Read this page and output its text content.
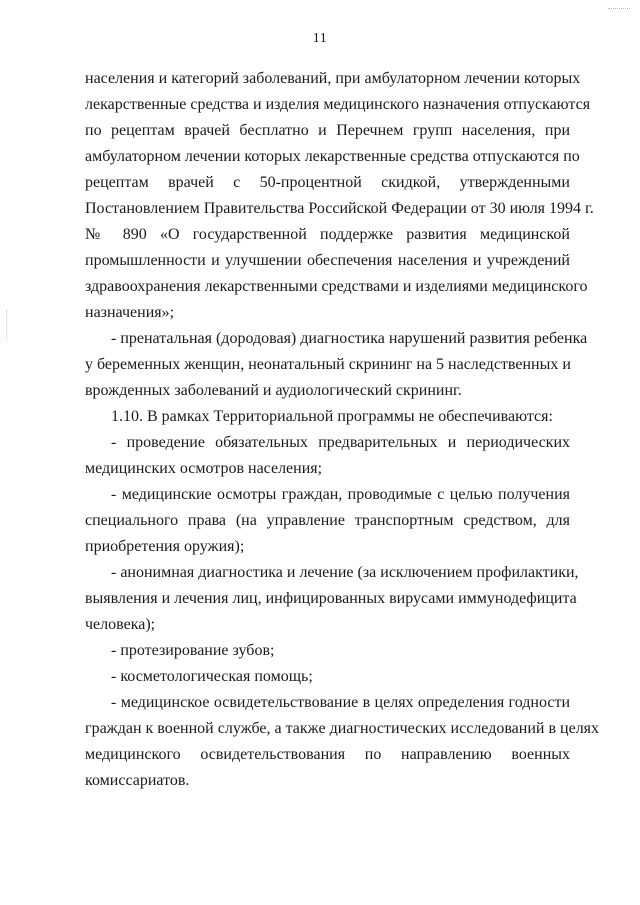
11
населения и категорий заболеваний, при амбулаторном лечении которых
лекарственные средства и изделия медицинского назначения отпускаются
по рецептам врачей бесплатно и Перечнем групп населения, при
амбулаторном лечении которых лекарственные средства отпускаются по
рецептам врачей с 50-процентной скидкой, утвержденными
Постановлением Правительства Российской Федерации от 30 июля 1994 г.
№ 890 «О государственной поддержке развития медицинской
промышленности и улучшении обеспечения населения и учреждений
здравоохранения лекарственными средствами и изделиями медицинского
назначения»;
- пренатальная (дородовая) диагностика нарушений развития ребенка
у беременных женщин, неонатальный скрининг на 5 наследственных и
врожденных заболеваний и аудиологический скрининг.
1.10. В рамках Территориальной программы не обеспечиваются:
- проведение обязательных предварительных и периодических
медицинских осмотров населения;
- медицинские осмотры граждан, проводимые с целью получения
специального права (на управление транспортным средством, для
приобретения оружия);
- анонимная диагностика и лечение (за исключением профилактики,
выявления и лечения лиц, инфицированных вирусами иммунодефицита
человека);
- протезирование зубов;
- косметологическая помощь;
- медицинское освидетельствование в целях определения годности
граждан к военной службе, а также диагностических исследований в целях
медицинского освидетельствования по направлению военных
комиссариатов.
